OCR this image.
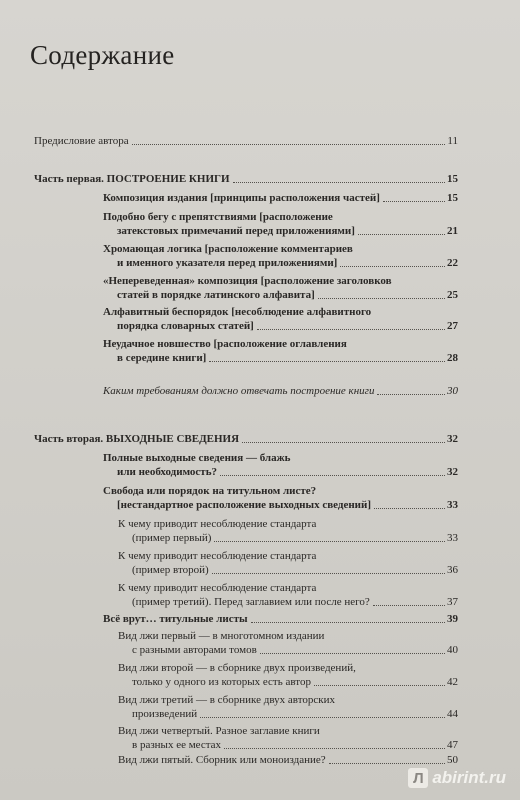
Содержание
Предисловие автора	11
Часть первая. ПОСТРОЕНИЕ КНИГИ	15
Композиция издания [принципы расположения частей]	15
Подобно бегу с препятствиями [расположение
затекстовых примечаний перед приложениями]	21
Хромающая логика [расположение комментариев
и именного указателя перед приложениями]	22
«Непереведенная» композиция [расположение заголовков
статей в порядке латинского алфавита]	25
Алфавитный беспорядок [несоблюдение алфавитного
порядка словарных статей]	27
Неудачное новшество [расположение оглавления
в середине книги]	28
Каким требованиям должно отвечать построение книги	30
Часть вторая. ВЫХОДНЫЕ СВЕДЕНИЯ	32
Полные выходные сведения — блажь
или необходимость?	32
Свобода или порядок на титульном листе?
[нестандартное расположение выходных сведений]	33
К чему приводит несоблюдение стандарта
(пример первый)	33
К чему приводит несоблюдение стандарта
(пример второй)	36
К чему приводит несоблюдение стандарта
(пример третий). Перед заглавием или после него?	37
Всё врут… титульные листы	39
Вид лжи первый — в многотомном издании
с разными авторами томов	40
Вид лжи второй — в сборнике двух произведений,
только у одного из которых есть автор	42
Вид лжи третий — в сборнике двух авторских
произведений	44
Вид лжи четвертый. Разное заглавие книги
в разных ее местах	47
Вид лжи пятый. Сборник или моноиздание?	50
Л abirint.ru
